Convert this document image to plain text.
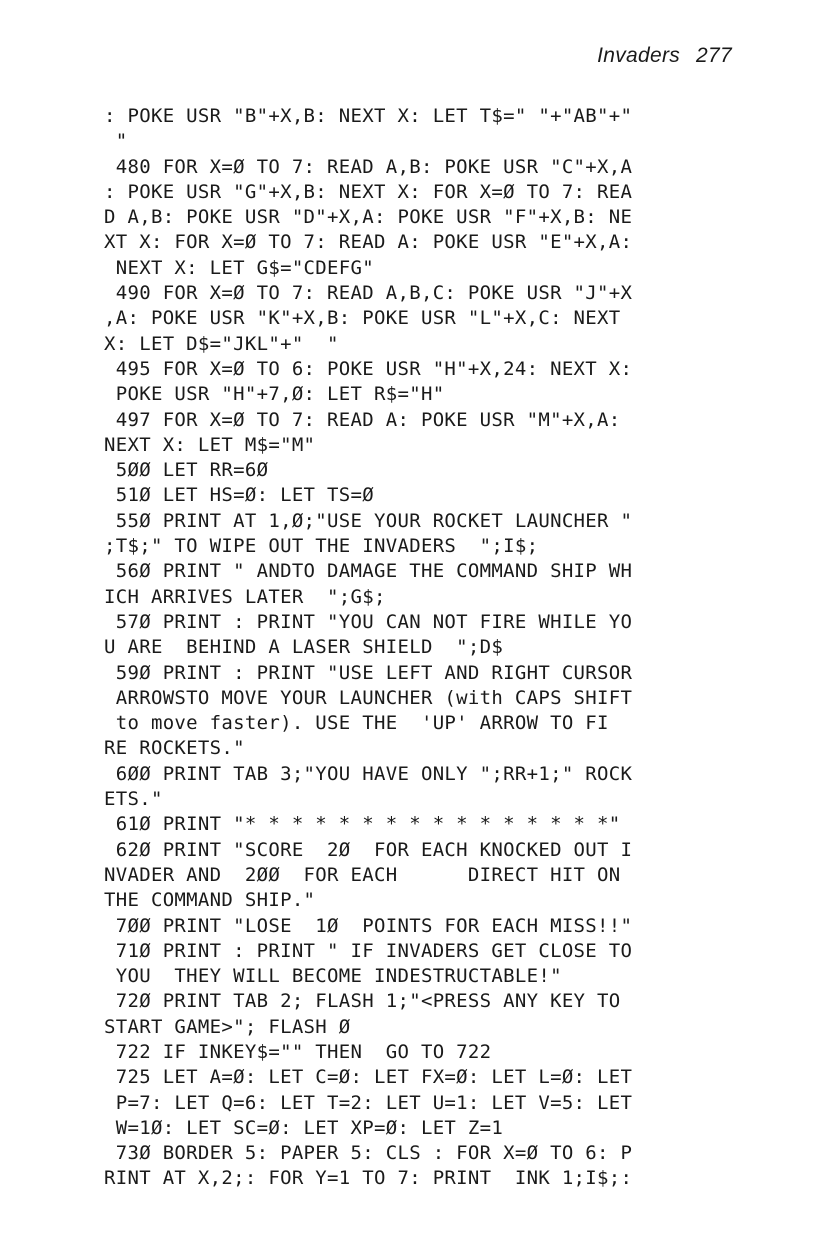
Invaders 277
: POKE USR "B"+X,B: NEXT X: LET T$=" "+"AB"+"
"
480 FOR X=Ø TO 7: READ A,B: POKE USR "C"+X,A
: POKE USR "G"+X,B: NEXT X: FOR X=Ø TO 7: REA
D A,B: POKE USR "D"+X,A: POKE USR "F"+X,B: NE
XT X: FOR X=Ø TO 7: READ A: POKE USR "E"+X,A:
NEXT X: LET G$="CDEFG"
490 FOR X=Ø TO 7: READ A,B,C: POKE USR "J"+X
,A: POKE USR "K"+X,B: POKE USR "L"+X,C: NEXT
X: LET D$="JKL"+"  "
495 FOR X=Ø TO 6: POKE USR "H"+X,24: NEXT X:
POKE USR "H"+7,Ø: LET R$="H"
497 FOR X=Ø TO 7: READ A: POKE USR "M"+X,A:
NEXT X: LET M$="M"
5ØØ LET RR=6Ø
51Ø LET HS=Ø: LET TS=Ø
55Ø PRINT AT 1,Ø;"USE YOUR ROCKET LAUNCHER "
;T$;" TO WIPE OUT THE INVADERS  ";I$;
56Ø PRINT " ANDTO DAMAGE THE COMMAND SHIP WH
ICH ARRIVES LATER  ";G$;
57Ø PRINT : PRINT "YOU CAN NOT FIRE WHILE YO
U ARE  BEHIND A LASER SHIELD  ";D$
59Ø PRINT : PRINT "USE LEFT AND RIGHT CURSOR
ARROWSTO MOVE YOUR LAUNCHER (with CAPS SHIFT
to move faster). USE THE  'UP' ARROW TO FI
RE ROCKETS."
6ØØ PRINT TAB 3;"YOU HAVE ONLY ";RR+1;" ROCK
ETS."
61Ø PRINT "* * * * * * * * * * * * * * * *"
62Ø PRINT "SCORE  2Ø  FOR EACH KNOCKED OUT I
NVADER AND  2ØØ  FOR EACH      DIRECT HIT ON
THE COMMAND SHIP."
7ØØ PRINT "LOSE  1Ø  POINTS FOR EACH MISS!!"
71Ø PRINT : PRINT " IF INVADERS GET CLOSE TO
YOU  THEY WILL BECOME INDESTRUCTABLE!"
72Ø PRINT TAB 2; FLASH 1;"<PRESS ANY KEY TO
START GAME>"; FLASH Ø
722 IF INKEY$="" THEN  GO TO 722
725 LET A=Ø: LET C=Ø: LET FX=Ø: LET L=Ø: LET
P=7: LET Q=6: LET T=2: LET U=1: LET V=5: LET
W=1Ø: LET SC=Ø: LET XP=Ø: LET Z=1
73Ø BORDER 5: PAPER 5: CLS : FOR X=Ø TO 6: P
RINT AT X,2;: FOR Y=1 TO 7: PRINT  INK 1;I$;:
